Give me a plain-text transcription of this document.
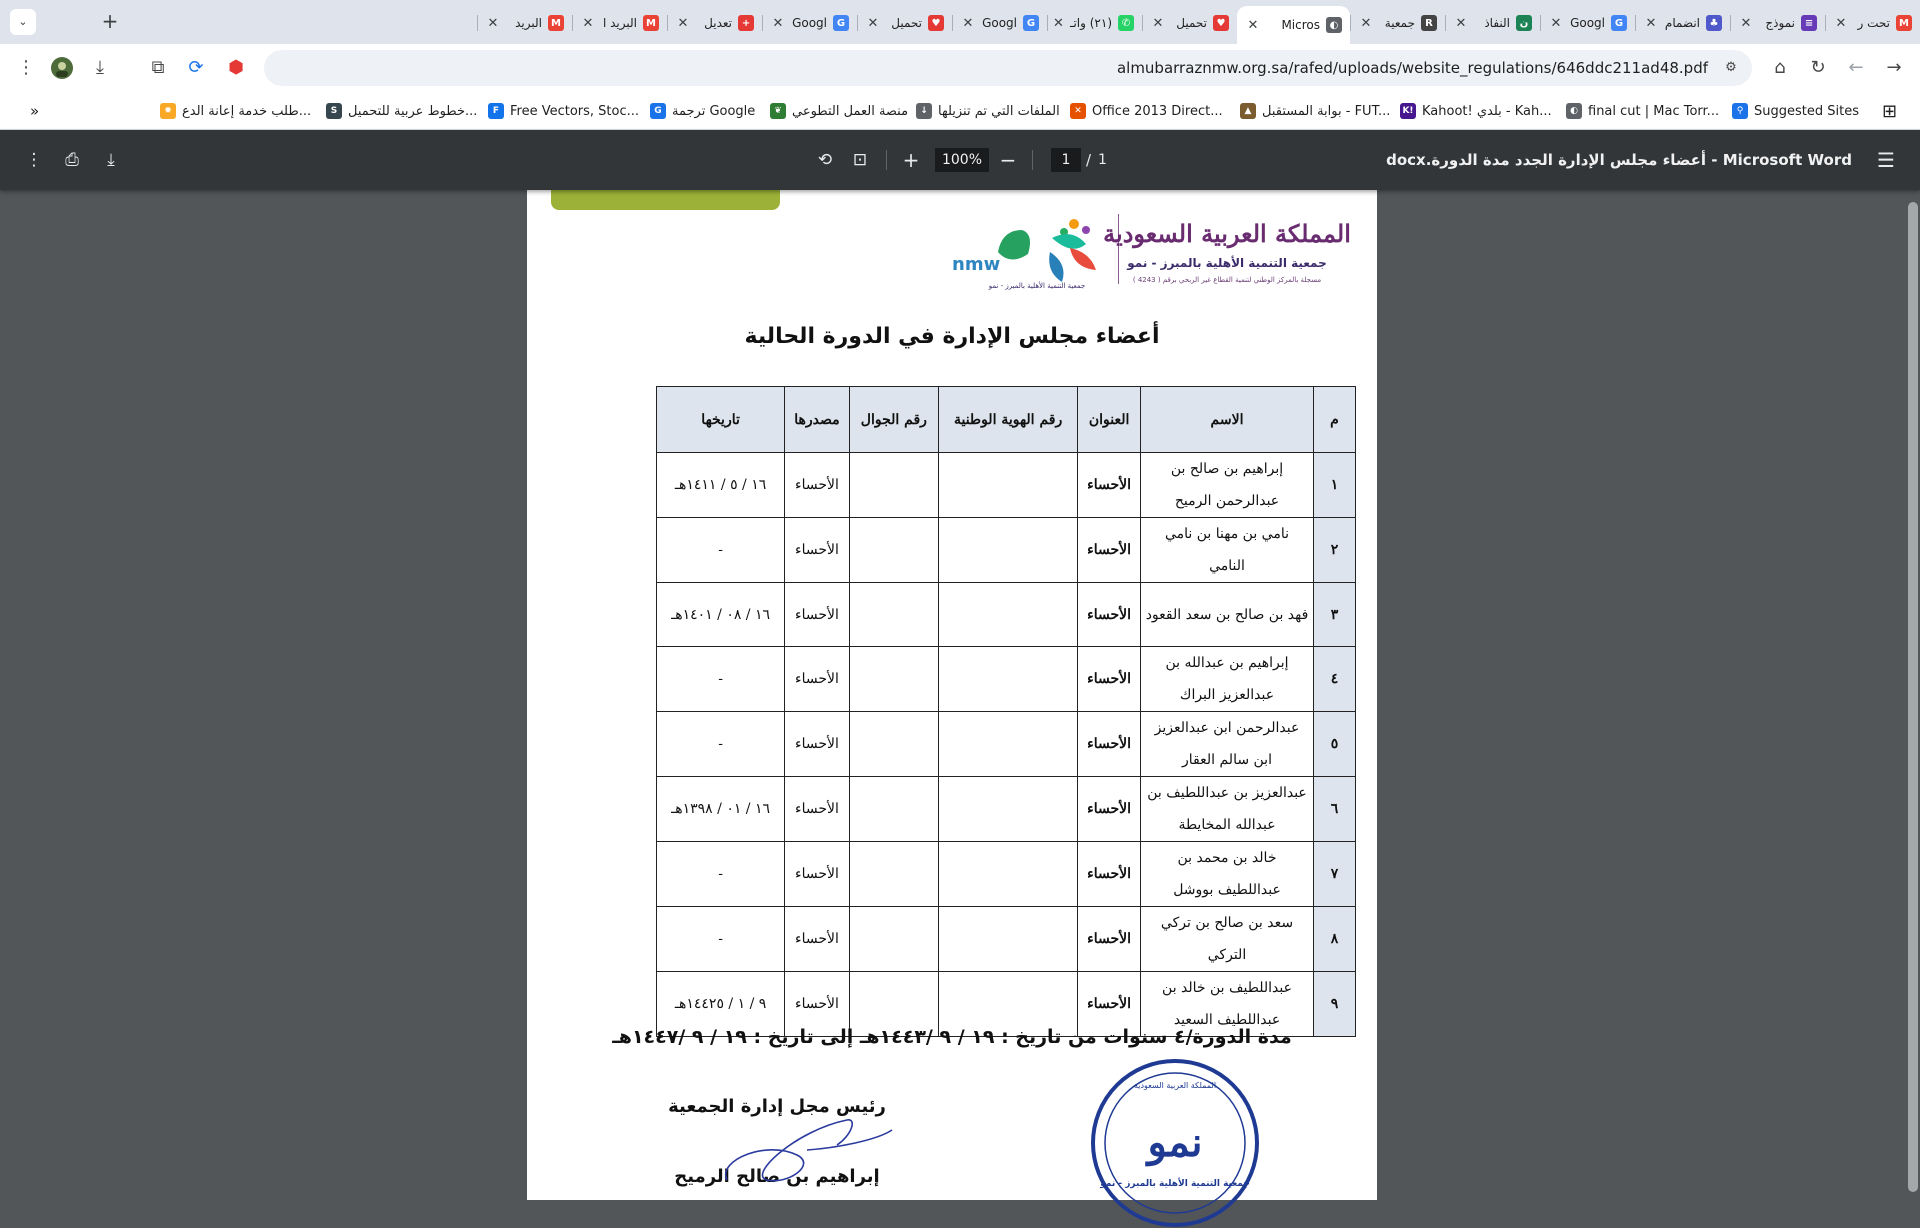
M
تحت ر
✕
≡
نموذج
✕
♣
انضمام
✕
G
Googl
✕
ن
النفاذ
✕
R
جمعية
✕
◐
Micros
✕
♥
تحميل
✕
✆
(٢١) واتـ
✕
G
Googl
✕
♥
تحميل
✕
G
Googl
✕
+
تعديل
✕
M
البريد ا
✕
M
البريد
✕
+
⌄
⋮	⤓	⧉	⟳ ⬢	almubarraznmw.org.sa/rafed/uploads/website_regulations/646ddc211ad48.pdf ⚙	⌂	↻ ← →
»	⚲ Suggested Sites
◐ final cut | Mac Torr...
K! Kahoot! بلدي - Kah...
▲ بوابة المستقبل - FUT...
✕ Office 2013 Direct...
↓ الملفات التي تم تنزيلها
❦ منصة العمل التطوعي
G ترجمة Google
F Free Vectors, Stoc...
S خطوط عربية للتحميل...
✹ طلب خدمة إعانة الدع...	⊞
⋮	⎙	⤓	⟲ ⊡ +	100% −	1	/ 1	Microsoft Word - أعضاء مجلس الإدارة الجدد مدة الدورة.docx ☰
nmw
جمعية التنمية الأهلية بالمبرز - نمو
المملكة العربية السعودية
جمعية التنمية الأهلية بالمبرز - نمو
مسجلة بالمركز الوطني لتنمية القطاع غير الربحي برقم ( 4243 )
أعضاء مجلس الإدارة في الدورة الحالية
م	الاسم	العنوان	رقم الهوية الوطنية	رقم الجوال	مصدرها	تاريخها
١	إبراهيم بن صالح بن عبدالرحمن الرميح	الأحساء			الأحساء	١٦ / ٥ / ١٤١١هـ
٢	نامي بن مهنا بن نامي النامي	الأحساء			الأحساء	-
٣	فهد بن صالح بن سعد القعود	الأحساء			الأحساء	١٦ / ٠٨ / ١٤٠١هـ
٤	إبراهيم بن عبدالله بن عبدالعزيز البراك	الأحساء			الأحساء	-
٥	عبدالرحمن ابن عبدالعزيز ابن سالم العقار	الأحساء			الأحساء	-
٦	عبدالعزيز بن عبداللطيف بن عبدالله المخايطة	الأحساء			الأحساء	١٦ / ٠١ / ١٣٩٨هـ
٧	خالد بن محمد بن عبداللطيف بووشل	الأحساء			الأحساء	-
٨	سعد بن صالح بن تركي التركي	الأحساء			الأحساء	-
٩	عبداللطيف بن خالد بن عبداللطيف السعيد	الأحساء			الأحساء	٩ / ١ / ١٤٤٢٥هـ
مدة الدورة/٤ سنوات من تاريخ : ١٩ / ٩ /١٤٤٣هـ إلى تاريخ : ١٩ / ٩ /١٤٤٧هـ
رئيس مجل إدارة الجمعية
إبراهيم بن صالح الرميح
المملكة العربية السعودية
نمو
جمعية التنمية الأهلية بالمبرز - نمو
